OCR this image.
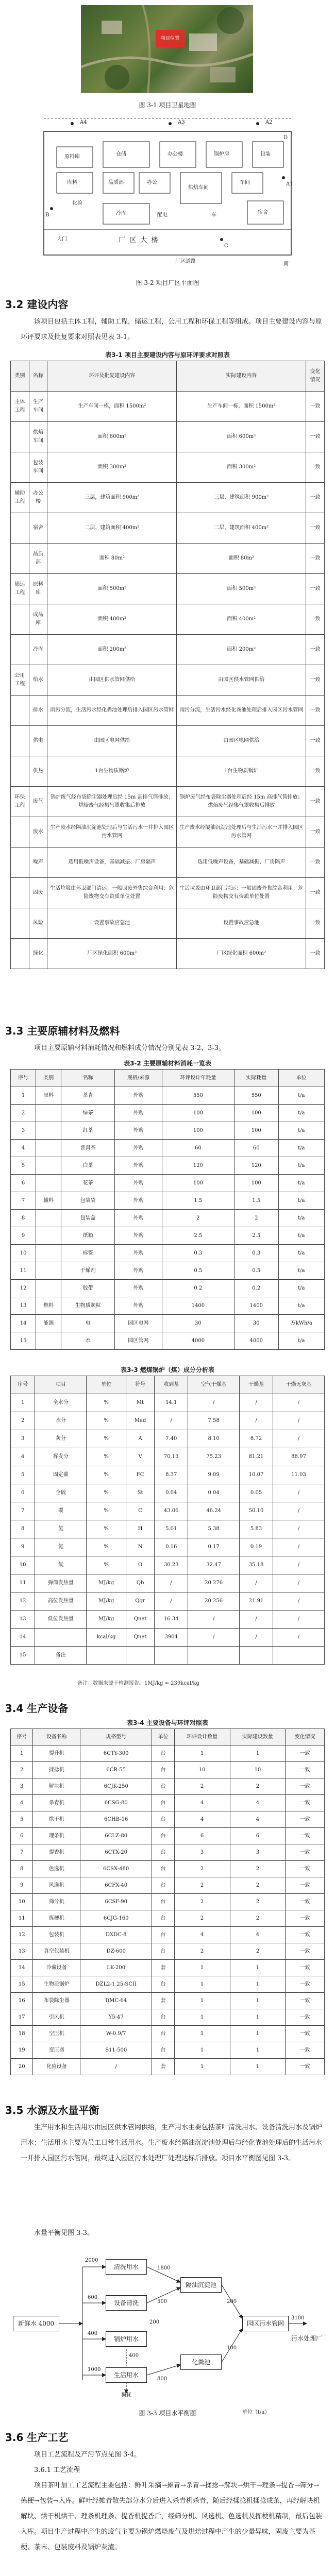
项目位置
图 3-1 项目卫星地图
A4	A3	A2
A1
B
C
D
原料库
库料
仓储
品质部	办公
办公楼
烘焙车间
锅炉房
车间
包装
冷库	宿舍
化验
配电	车
厂 区 大 楼
大门
厂区道路	南
图 3-2 项目厂区平面图
3.2 建设内容

该项目包括主体工程，辅助工程，储运工程，公用工程和环保工程等组成。项目主要建设内容与原环评要求及批复要求对照表见表 3-1。

表3-1 项目主要建设内容与原环评要求对照表
类别	名称	环评及批复建设内容	实际建设内容	变化情况
主体工程	生产车间	生产车间一栋，面积 1500m²	生产车间一栋，面积 1500m²	一致
	烘焙车间	面积 600m²	面积 600m²	一致
	包装车间	面积 300m²	面积 300m²	一致
辅助工程	办公楼	三层，建筑面积 900m²	三层，建筑面积 900m²	一致
	宿舍	二层，建筑面积 400m²	二层，建筑面积 400m²	一致
	品质部	面积 80m²	面积 80m²	一致
储运工程	原料库	面积 500m²	面积 500m²	一致
	成品库	面积 400m²	面积 400m²	一致
	冷库	面积 200m²	面积 200m²	一致
公用工程	给水	由园区供水管网供给	由园区供水管网供给	一致
	排水	雨污分流，生活污水经化粪池处理后排入园区污水管网	雨污分流，生活污水经化粪池处理后排入园区污水管网	一致
	供电	由园区电网供给	由园区电网供给	一致
	供热	1台生物质锅炉	1台生物质锅炉	一致
环保工程	废气	锅炉废气经布袋除尘器处理后经 15m 高排气筒排放；烘焙废气经集气罩收集后排放	锅炉废气经布袋除尘器处理后经 15m 高排气筒排放；烘焙废气经集气罩收集后排放	一致
	废水	生产废水经隔油沉淀池处理后与生活污水一并排入园区污水管网	生产废水经隔油沉淀池处理后与生活污水一并排入园区污水管网	一致
	噪声	选用低噪声设备，基础减振、厂房隔声	选用低噪声设备，基础减振、厂房隔声	一致
	固废	生活垃圾由环卫部门清运；一般固废外售综合利用；危险废物交有资质单位处置	生活垃圾由环卫部门清运；一般固废外售综合利用；危险废物交有资质单位处置	一致
	风险	设置事故应急池	设置事故应急池	一致
	绿化	厂区绿化面积 600m²	厂区绿化面积 600m²	一致
3.3 主要原辅材料及燃料

项目主要原辅材料消耗情况和燃料成分情况分别见表 3-2、3-3。

表3-2 主要原辅材料消耗一览表
序号	类别	名称	规格/来源	环评设计年耗量	实际耗量	单位
1	原料	茶青	外购	550	550	t/a
2		绿茶	外购	100	100	t/a
3		红茶	外购	100	100	t/a
4		普洱茶	外购	60	60	t/a
5		白茶	外购	120	120	t/a
6		花茶	外购	100	100	t/a
7	辅料	包装袋	外购	1.5	1.5	t/a
8		包装盒	外购	2	2	t/a
9		纸箱	外购	2.5	2.5	t/a
10		标签	外购	0.3	0.3	t/a
11		干燥剂	外购	0.5	0.5	t/a
12		胶带	外购	0.2	0.2	t/a
13	燃料	生物质颗粒	外购	1400	1400	t/a
14	能源	电	园区电网	30	30	万kWh/a
15		水	园区管网	4000	4000	t/a
表3-3 燃煤锅炉（煤）成分分析表
序号	项目	单位	符号	收到基	空气干燥基	干燥基	干燥无灰基
1	全水分	%	Mt	14.1	/	/	/
2	水分	%	Mad	/	7.58	/	/
3	灰分	%	A	7.40	8.10	8.72	/
4	挥发分	%	V	70.13	75.23	81.21	88.97
5	固定碳	%	FC	8.37	9.09	10.07	11.03
6	全硫	%	St	0.04	0.04	0.05	/
7	碳	%	C	43.06	46.24	50.10	/
8	氢	%	H	5.01	5.38	5.83	/
9	氮	%	N	0.16	0.17	0.19	/
10	氧	%	O	30.23	32.47	35.18	/
11	弹筒发热量	MJ/kg	Qb	/	20.276	/	/
12	高位发热量	MJ/kg	Qgr	/	20.256	21.91	/
13	低位发热量	MJ/kg	Qnet	16.34	/	/	/
14		kcal/kg	Qnet	3904	/	/	/
15	备注						
备注：数据来源于检测报告。1MJ/kg ≈ 239kcal/kg
3.4 生产设备
表3-4 主要设备与环评对照表
序号	设备名称	规格型号	单位	环评设计数量	实际建设数量	变化情况
1	提升机	6CTY-300	台	1	1	一致
2	揉捻机	6CR-55	台	10	10	一致
3	解块机	6CJK-250	台	2	2	一致
4	杀青机	6CSG-80	台	4	4	一致
5	烘干机	6CHB-16	台	4	4	一致
6	理条机	6CLZ-80	台	6	6	一致
7	提香机	6CTX-20	台	3	3	一致
8	色选机	6CSX-480	台	2	2	一致
9	风选机	6CFX-40	台	2	2	一致
10	筛分机	6CSF-90	台	2	2	一致
11	拣梗机	6CJG-160	台	2	2	一致
12	包装机	DXDC-8	台	4	4	一致
13	真空包装机	DZ-600	台	2	2	一致
14	冷藏设备	LK-200	套	1	1	一致
15	生物质锅炉	DZL2-1.25-SCII	台	1	1	一致
16	布袋除尘器	DMC-64	套	1	1	一致
17	引风机	Y5-47	台	1	1	一致
18	空压机	W-0.9/7	台	1	1	一致
19	变压器	S11-500	台	1	1	一致
20	化验设备	/	套	1	1	一致
3.5 水源及水量平衡

生产用水和生活用水由园区供水管网供给，生产用水主要包括茶叶清洗用水、设备清洗用水及锅炉用水；生活用水主要为员工日常生活用水。生产废水经隔油沉淀池处理后与经化粪池处理后的生活污水一并排入园区污水管网，最终进入园区污水处理厂处理达标后排放。项目水平衡图见图 3-3。

水量平衡见图 3-3。

新鲜水 4000
清洗用水
设备清洗
锅炉用水
生活用水
隔油沉淀池
化粪池
园区污水管网
污水处理厂
损耗
2000
600
400
1000
1800
500
800
3100
200
100
400
200
图 3-3 项目水平衡图	单位（t/a）
3.6 生产工艺

项目工艺流程及产污节点见图 3-4。

3.6.1 工艺流程

项目茶叶加工工艺流程主要包括：鲜叶采摘→摊青→杀青→揉捻→解块→烘干→理条→提香→筛分→拣梗→包装→入库。鲜叶经摊青散失部分水分后进入杀青机杀青，随后经揉捻机揉捻成条，再经解块机解块、烘干机烘干、理条机理条、提香机提香后，经筛分机、风选机、色选机及拣梗机精制，最后包装入库。项目生产过程中产生的废气主要为锅炉燃烧废气及烘焙过程中产生的少量异味，固废主要为茶梗、茶末、包装废料及锅炉灰渣。
